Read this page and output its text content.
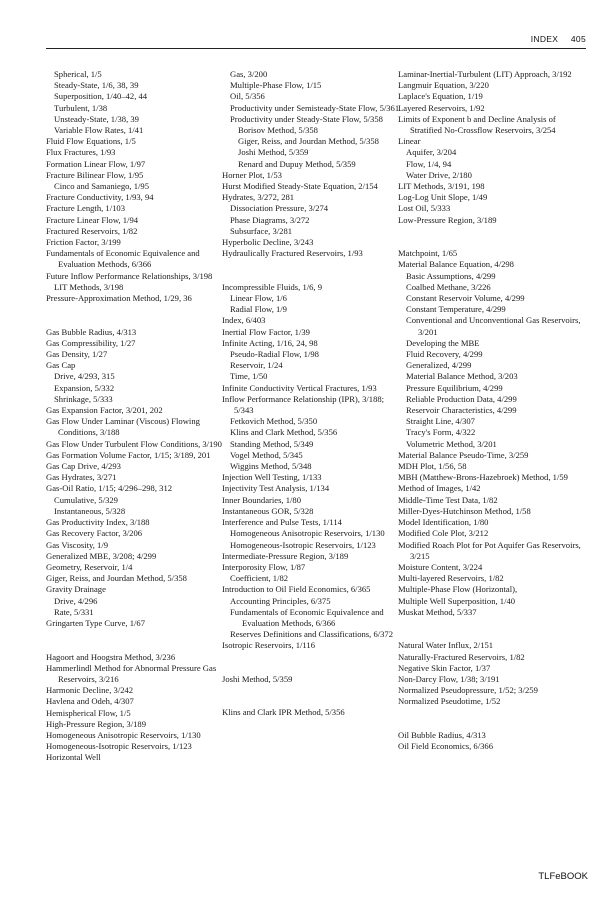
INDEX 405
Spherical, 1/5
Steady-State, 1/6, 38, 39
Superposition, 1/40–42, 44
Turbulent, 1/38
Unsteady-State, 1/38, 39
Variable Flow Rates, 1/41
Fluid Flow Equations, 1/5
Flux Fractures, 1/93
Formation Linear Flow, 1/97
Fracture Bilinear Flow, 1/95
Cinco and Samaniego, 1/95
Fracture Conductivity, 1/93, 94
Fracture Length, 1/103
Fracture Linear Flow, 1/94
Fractured Reservoirs, 1/82
Friction Factor, 3/199
Fundamentals of Economic Equivalence and Evaluation Methods, 6/366
Future Inflow Performance Relationships, 3/198
LIT Methods, 3/198
Pressure-Approximation Method, 1/29, 36
Gas Bubble Radius, 4/313
Gas Compressibility, 1/27
Gas Density, 1/27
Gas Cap
Drive, 4/293, 315
Expansion, 5/332
Shrinkage, 5/333
Gas Expansion Factor, 3/201, 202
Gas Flow Under Laminar (Viscous) Flowing Conditions, 3/188
Gas Flow Under Turbulent Flow Conditions, 3/190
Gas Formation Volume Factor, 1/15; 3/189, 201
Gas Cap Drive, 4/293
Gas Hydrates, 3/271
Gas-Oil Ratio, 1/15; 4/296–298, 312
Cumulative, 5/329
Instantaneous, 5/328
Gas Productivity Index, 3/188
Gas Recovery Factor, 3/206
Gas Viscosity, 1/9
Generalized MBE, 3/208; 4/299
Geometry, Reservoir, 1/4
Giger, Reiss, and Jourdan Method, 5/358
Gravity Drainage
Drive, 4/296
Rate, 5/331
Gringarten Type Curve, 1/67
Hagoort and Hoogstra Method, 3/236
Hammerlindl Method for Abnormal Pressure Gas Reservoirs, 3/216
Harmonic Decline, 3/242
Havlena and Odeh, 4/307
Hemispherical Flow, 1/5
High-Pressure Region, 3/189
Homogeneous Anisotropic Reservoirs, 1/130
Homogeneous-Isotropic Reservoirs, 1/123
Horizontal Well
Gas, 3/200
Multiple-Phase Flow, 1/15
Oil, 5/356
Productivity under Semisteady-State Flow, 5/361
Productivity under Steady-State Flow, 5/358
Borisov Method, 5/358
Giger, Reiss, and Jourdan Method, 5/358
Joshi Method, 5/359
Renard and Dupuy Method, 5/359
Horner Plot, 1/53
Hurst Modified Steady-State Equation, 2/154
Hydrates, 3/272, 281
Dissociation Pressure, 3/274
Phase Diagrams, 3/272
Subsurface, 3/281
Hyperbolic Decline, 3/243
Hydraulically Fractured Reservoirs, 1/93
Incompressible Fluids, 1/6, 9
Linear Flow, 1/6
Radial Flow, 1/9
Index, 6/403
Inertial Flow Factor, 1/39
Infinite Acting, 1/16, 24, 98
Pseudo-Radial Flow, 1/98
Reservoir, 1/24
Time, 1/50
Infinite Conductivity Vertical Fractures, 1/93
Inflow Performance Relationship (IPR), 3/188; 5/343
Fetkovich Method, 5/350
Klins and Clark Method, 5/356
Standing Method, 5/349
Vogel Method, 5/345
Wiggins Method, 5/348
Injection Well Testing, 1/133
Injectivity Test Analysis, 1/134
Inner Boundaries, 1/80
Instantaneous GOR, 5/328
Interference and Pulse Tests, 1/114
Homogeneous Anisotropic Reservoirs, 1/130
Homogeneous-Isotropic Reservoirs, 1/123
Intermediate-Pressure Region, 3/189
Interporosity Flow, 1/87
Coefficient, 1/82
Introduction to Oil Field Economics, 6/365
Accounting Principles, 6/375
Fundamentals of Economic Equivalence and Evaluation Methods, 6/366
Reserves Definitions and Classifications, 6/372
Isotropic Reservoirs, 1/116
Joshi Method, 5/359
Klins and Clark IPR Method, 5/356
Laminar-Inertial-Turbulent (LIT) Approach, 3/192
Langmuir Equation, 3/220
Laplace's Equation, 1/19
Layered Reservoirs, 1/92
Limits of Exponent b and Decline Analysis of Stratified No-Crossflow Reservoirs, 3/254
Linear
Aquifer, 3/204
Flow, 1/4, 94
Water Drive, 2/180
LIT Methods, 3/191, 198
Log-Log Unit Slope, 1/49
Lost Oil, 5/333
Low-Pressure Region, 3/189
Matchpoint, 1/65
Material Balance Equation, 4/298
Basic Assumptions, 4/299
Coalbed Methane, 3/226
Constant Reservoir Volume, 4/299
Constant Temperature, 4/299
Conventional and Unconventional Gas Reservoirs, 3/201
Developing the MBE
Fluid Recovery, 4/299
Generalized, 4/299
Material Balance Method, 3/203
Pressure Equilibrium, 4/299
Reliable Production Data, 4/299
Reservoir Characteristics, 4/299
Straight Line, 4/307
Tracy's Form, 4/322
Volumetric Method, 3/201
Material Balance Pseudo-Time, 3/259
MDH Plot, 1/56, 58
MBH (Matthew-Brons-Hazebroek) Method, 1/59
Method of Images, 1/42
Middle-Time Test Data, 1/82
Miller-Dyes-Hutchinson Method, 1/58
Model Identification, 1/80
Modified Cole Plot, 3/212
Modified Roach Plot for Pot Aquifer Gas Reservoirs, 3/215
Moisture Content, 3/224
Multi-layered Reservoirs, 1/82
Multiple-Phase Flow (Horizontal),
Multiple Well Superposition, 1/40
Muskat Method, 5/337
Natural Water Influx, 2/151
Naturally-Fractured Reservoirs, 1/82
Negative Skin Factor, 1/37
Non-Darcy Flow, 1/38; 3/191
Normalized Pseudopressure, 1/52; 3/259
Normalized Pseudotime, 1/52
Oil Bubble Radius, 4/313
Oil Field Economics, 6/366
TLFeBOOK
